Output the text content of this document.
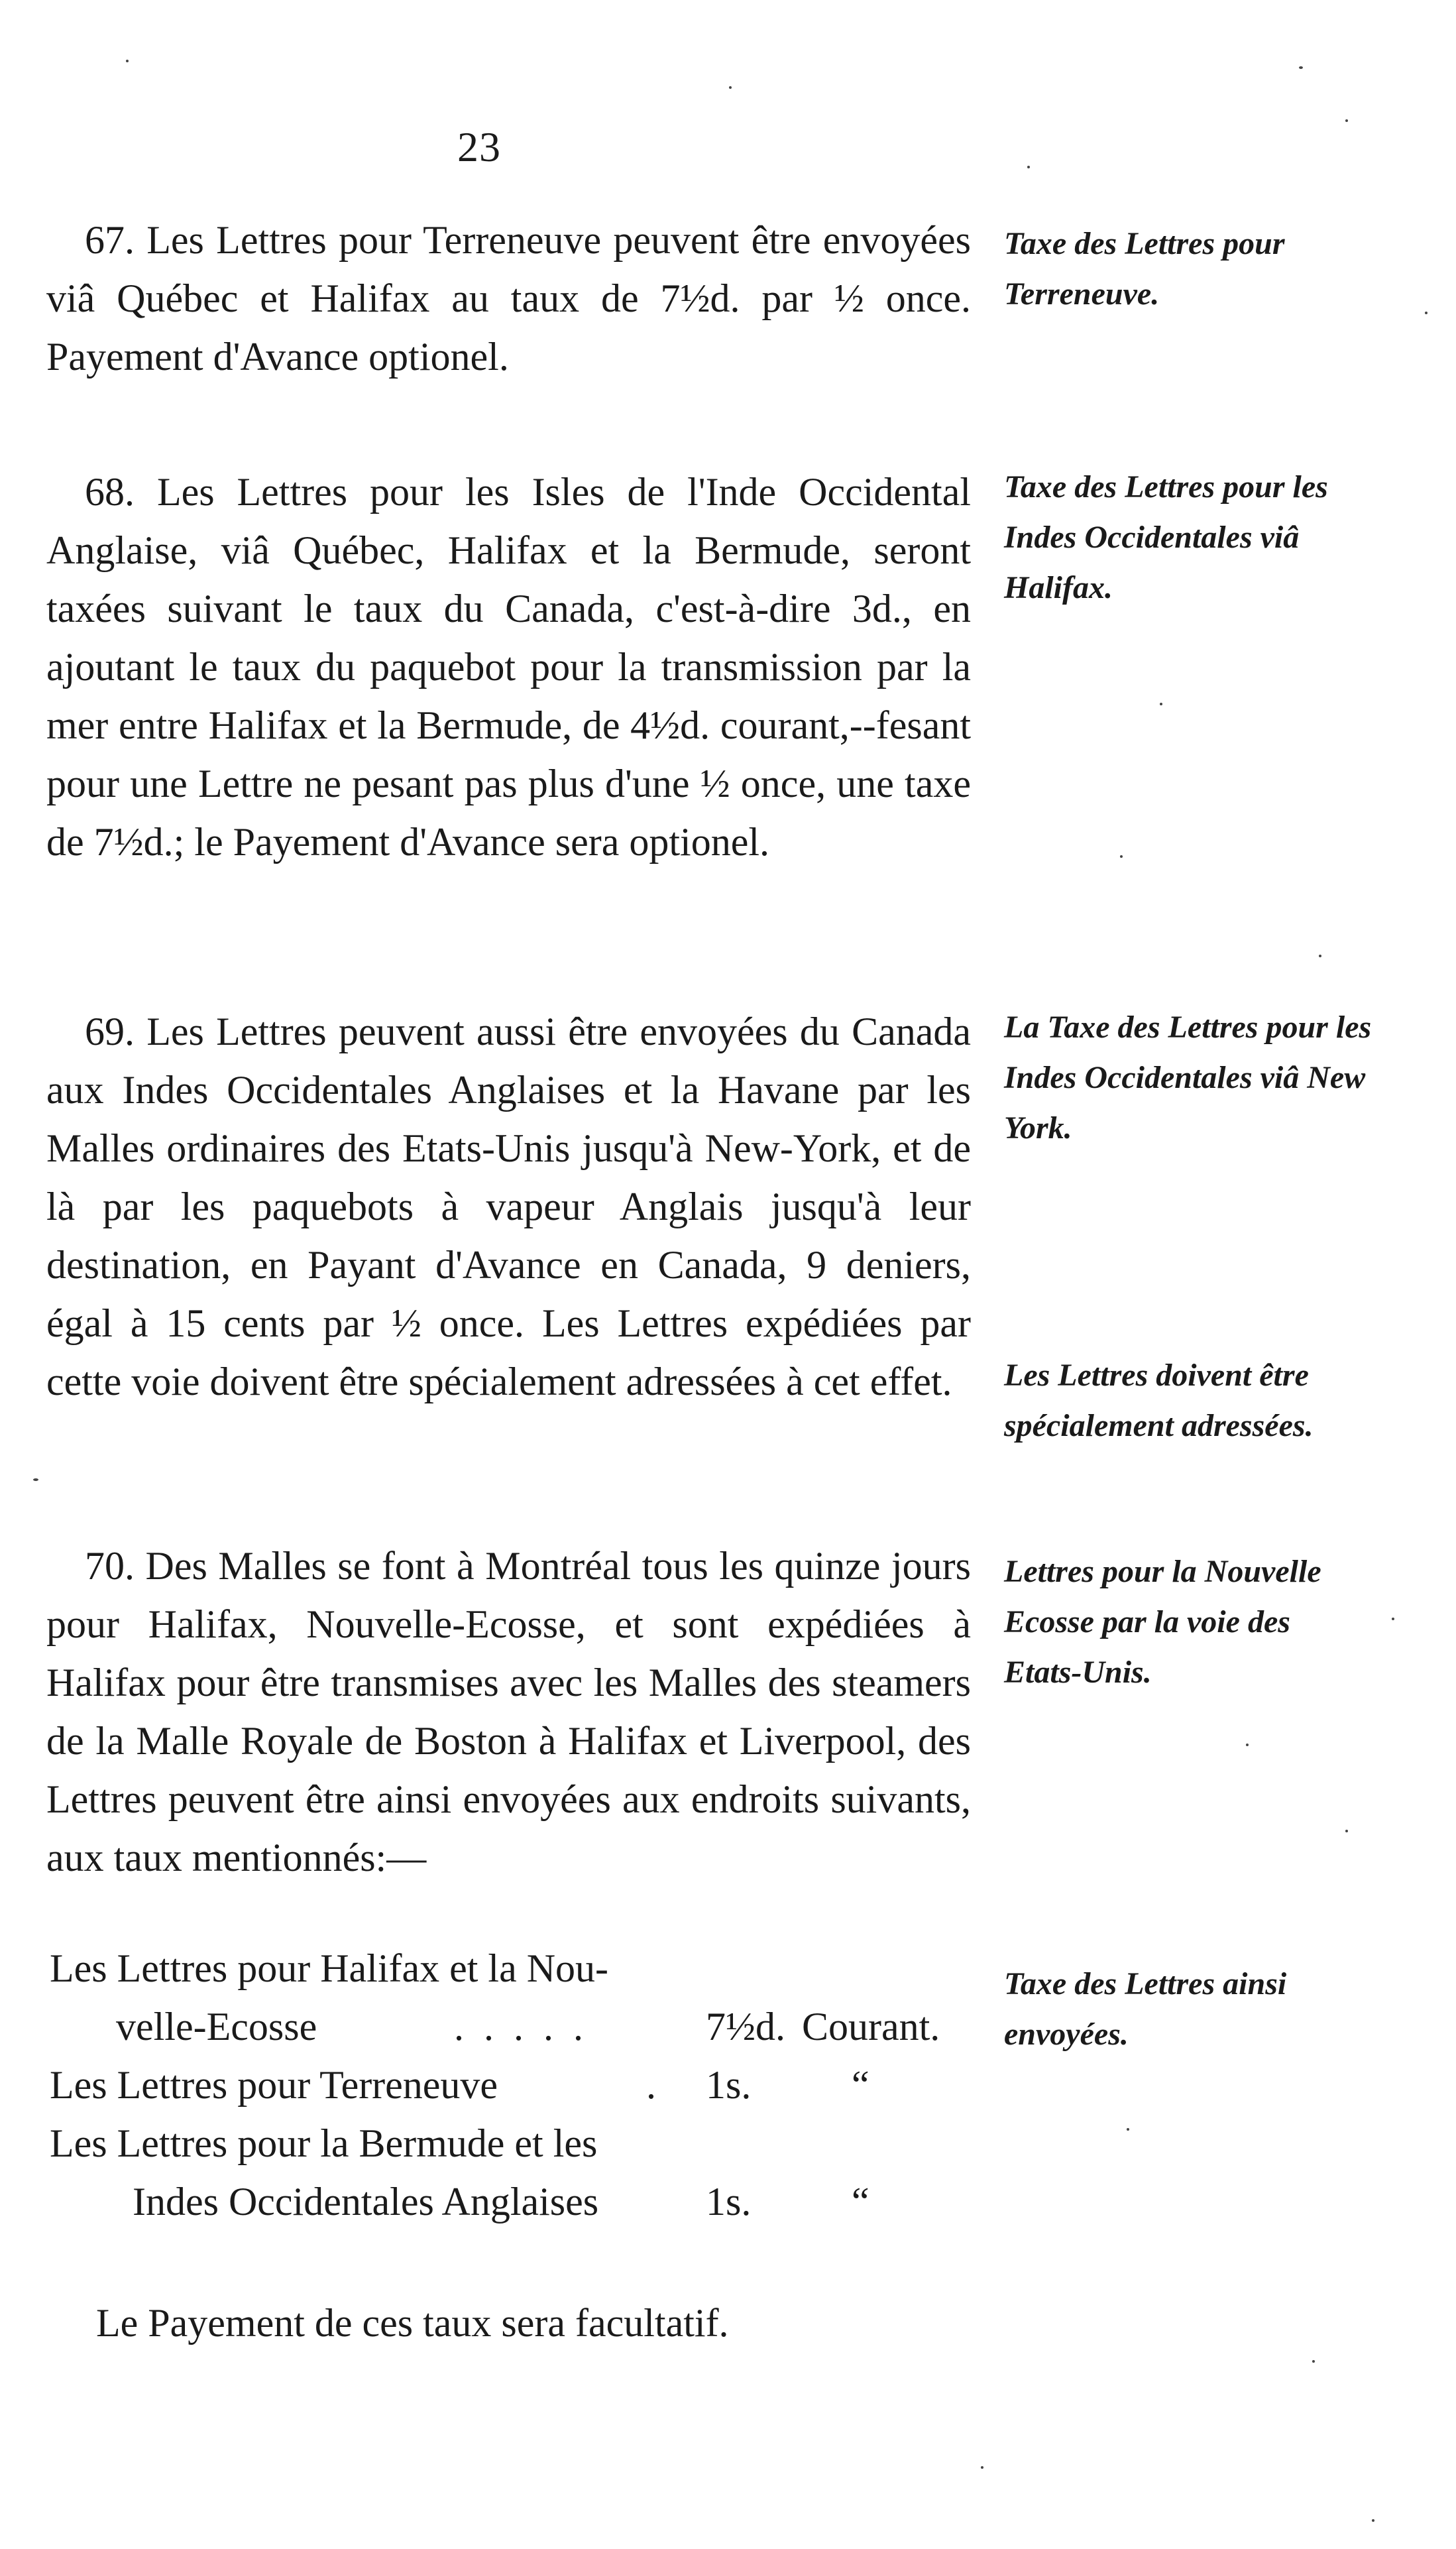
23

67. Les Lettres pour Terreneuve peuvent être envoyées viâ Québec et Halifax au taux de 7½d. par ½ once. Payement d'Avance optionel.

Taxe des Lettres pour Terreneuve.

68. Les Lettres pour les Isles de l'Inde Occidental Anglaise, viâ Québec, Halifax et la Bermude, seront taxées suivant le taux du Canada, c'est-à-dire 3d., en ajoutant le taux du paquebot pour la transmission par la mer entre Halifax et la Bermude, de 4½d. courant,--fesant pour une Lettre ne pesant pas plus d'une ½ once, une taxe de 7½d.; le Payement d'Avance sera optionel.

Taxe des Lettres pour les Indes Occidentales viâ Halifax.

69. Les Lettres peuvent aussi être envoyées du Canada aux Indes Occidentales Anglaises et la Havane par les Malles ordinaires des Etats-Unis jusqu'à New-York, et de là par les paquebots à vapeur Anglais jusqu'à leur destination, en Payant d'Avance en Canada, 9 deniers, égal à 15 cents par ½ once. Les Lettres expédiées par cette voie doivent être spécialement adressées à cet effet.

La Taxe des Lettres pour les Indes Occidentales viâ New York.
Les Lettres doivent être spécialement adressées.

70. Des Malles se font à Montréal tous les quinze jours pour Halifax, Nouvelle-Ecosse, et sont expédiées à Halifax pour être transmises avec les Malles des steamers de la Malle Royale de Boston à Halifax et Liverpool, des Lettres peuvent être ainsi envoyées aux endroits suivants, aux taux mentionnés:—

Lettres pour la Nouvelle Ecosse par la voie des Etats-Unis.
Les Lettres pour Halifax et la Nou-
velle-Ecosse	.....	7½d. Courant.
Les Lettres pour Terreneuve	. 1s.	“
Les Lettres pour la Bermude et les
Indes Occidentales Anglaises	1s.	“
Taxe des Lettres ainsi envoyées.
Le Payement de ces taux sera facultatif.
